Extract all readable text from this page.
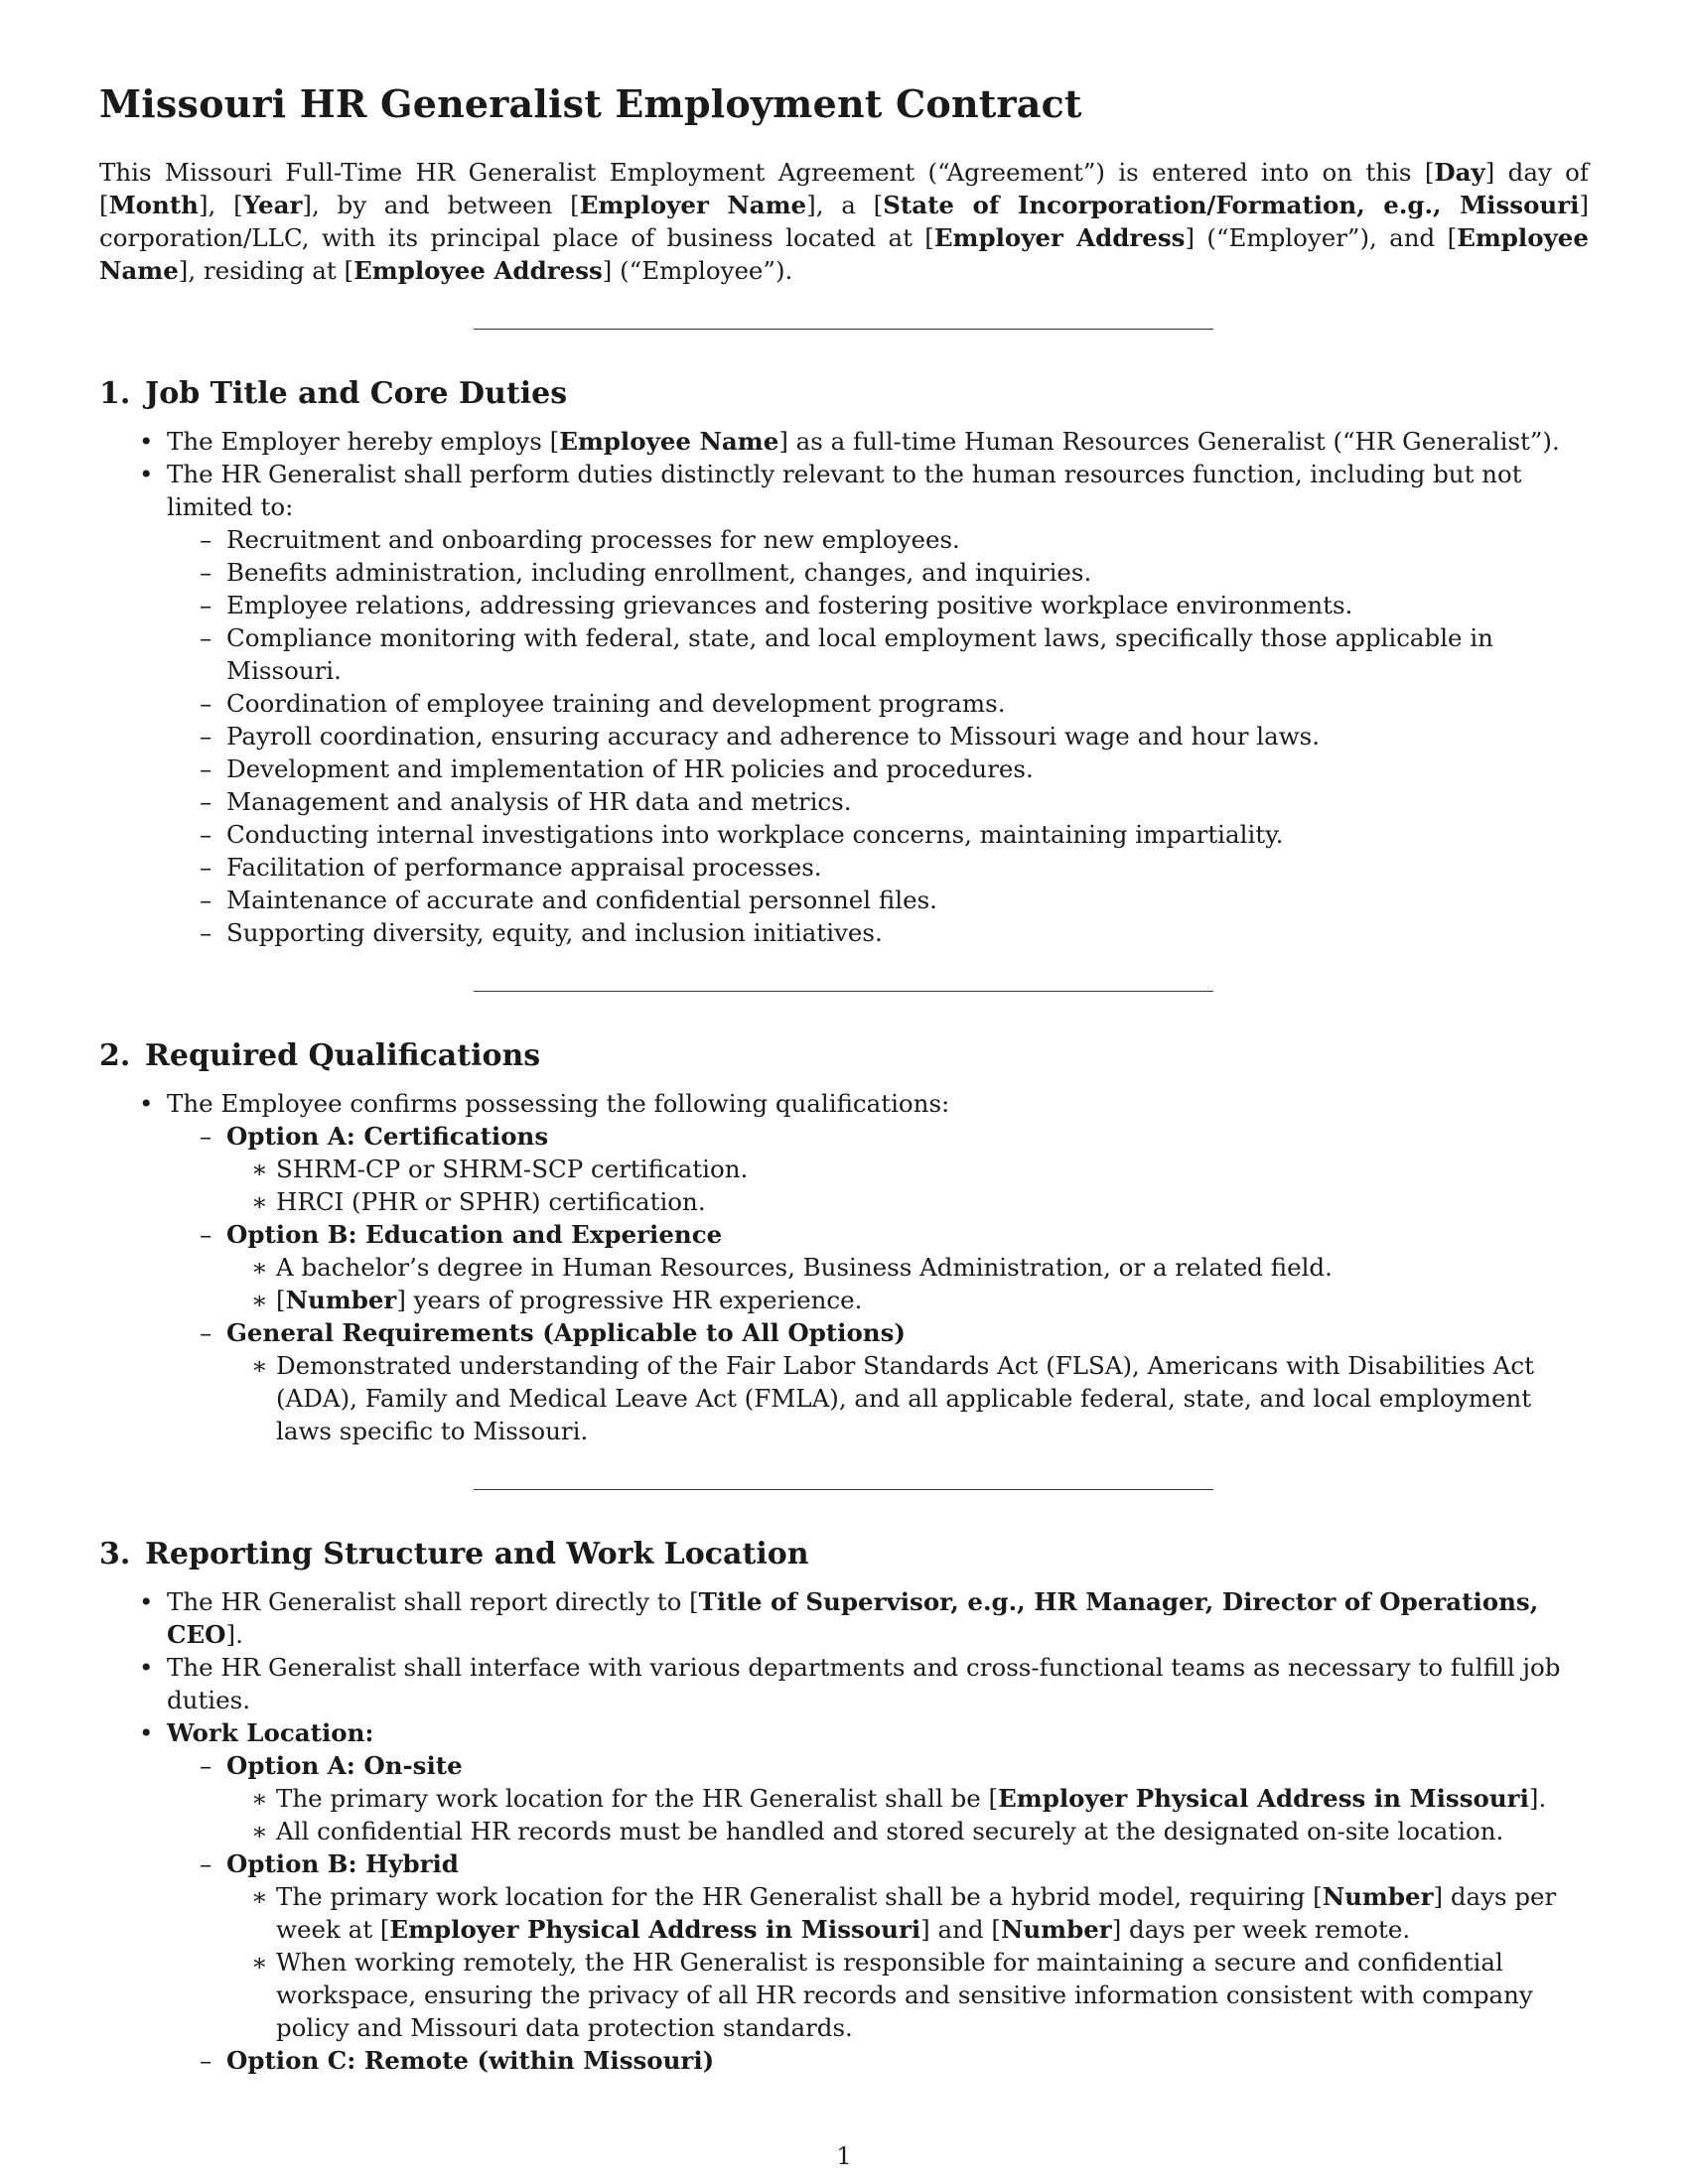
Missouri HR Generalist Employment Contract

This Missouri Full-Time HR Generalist Employment Agreement (“Agreement”) is entered into on this [Day] day of [Month], [Year], by and between [Employer Name], a [State of Incorporation/Formation, e.g., Missouri] corporation/LLC, with its principal place of business located at [Employer Address] (“Employer”), and [Employee Name], residing at [Employee Address] (“Employee”).

1. Job Title and Core Duties
• The Employer hereby employs [Employee Name] as a full-time Human Resources Generalist (“HR Generalist”).
• The HR Generalist shall perform duties distinctly relevant to the human resources function, including but not limited to:
– Recruitment and onboarding processes for new employees.
– Benefits administration, including enrollment, changes, and inquiries.
– Employee relations, addressing grievances and fostering positive workplace environments.
– Compliance monitoring with federal, state, and local employment laws, specifically those applicable in Missouri.
– Coordination of employee training and development programs.
– Payroll coordination, ensuring accuracy and adherence to Missouri wage and hour laws.
– Development and implementation of HR policies and procedures.
– Management and analysis of HR data and metrics.
– Conducting internal investigations into workplace concerns, maintaining impartiality.
– Facilitation of performance appraisal processes.
– Maintenance of accurate and confidential personnel files.
– Supporting diversity, equity, and inclusion initiatives.
2. Required Qualifications
• The Employee confirms possessing the following qualifications:
– Option A: Certifications
∗ SHRM-CP or SHRM-SCP certification.
∗ HRCI (PHR or SPHR) certification.
– Option B: Education and Experience
∗ A bachelor’s degree in Human Resources, Business Administration, or a related field.
∗ [Number] years of progressive HR experience.
– General Requirements (Applicable to All Options)
∗ Demonstrated understanding of the Fair Labor Standards Act (FLSA), Americans with Disabilities Act (ADA), Family and Medical Leave Act (FMLA), and all applicable federal, state, and local employment laws specific to Missouri.
3. Reporting Structure and Work Location
• The HR Generalist shall report directly to [Title of Supervisor, e.g., HR Manager, Director of Operations, CEO].
• The HR Generalist shall interface with various departments and cross-functional teams as necessary to fulfill job duties.
• Work Location:
– Option A: On-site
∗ The primary work location for the HR Generalist shall be [Employer Physical Address in Missouri].
∗ All confidential HR records must be handled and stored securely at the designated on-site location.
– Option B: Hybrid
∗ The primary work location for the HR Generalist shall be a hybrid model, requiring [Number] days per week at [Employer Physical Address in Missouri] and [Number] days per week remote.
∗ When working remotely, the HR Generalist is responsible for maintaining a secure and confidential workspace, ensuring the privacy of all HR records and sensitive information consistent with company policy and Missouri data protection standards.
– Option C: Remote (within Missouri)
1
